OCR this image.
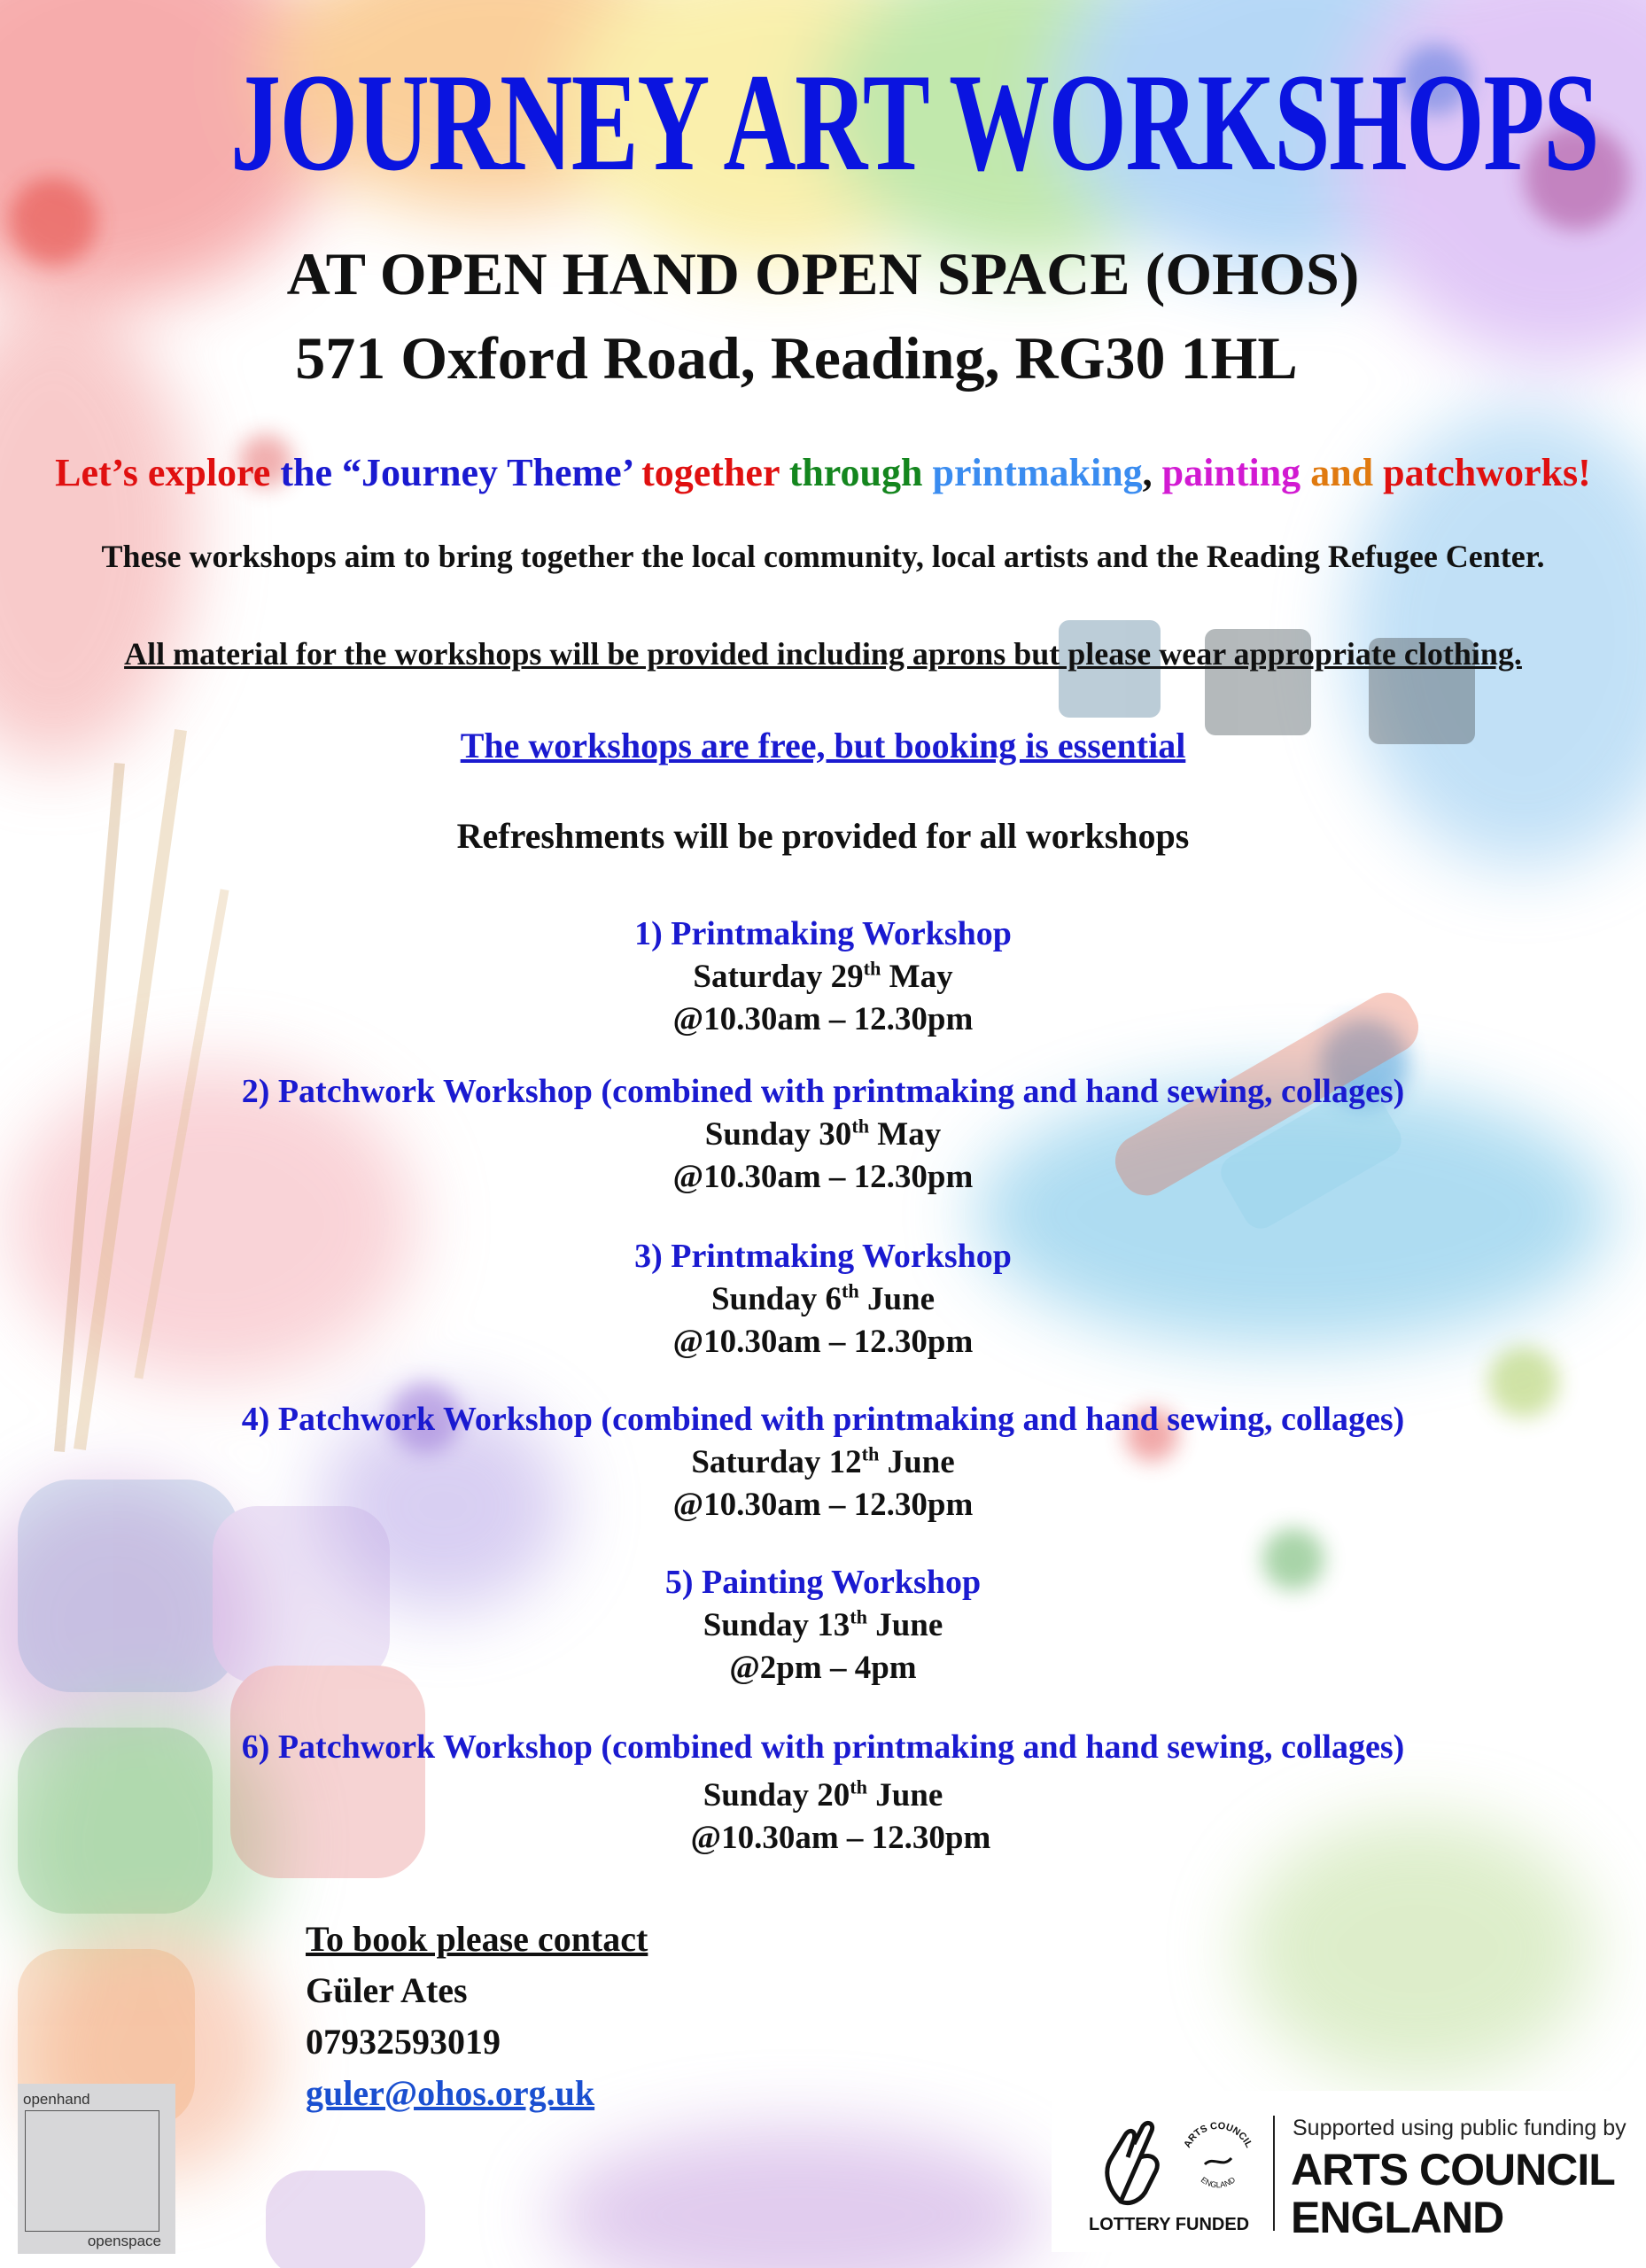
JOURNEY ART WORKSHOPS
AT OPEN HAND OPEN SPACE (OHOS)
571 Oxford Road, Reading, RG30 1HL
Let’s explore the “Journey Theme’ together through printmaking, painting and patchworks!
These workshops aim to bring together the local community, local artists and the Reading Refugee Center.
All material for the workshops will be provided including aprons but please wear appropriate clothing.
The workshops are free, but booking is essential
Refreshments will be provided for all workshops
1) Printmaking Workshop
Saturday 29th May
@10.30am – 12.30pm
2) Patchwork Workshop (combined with printmaking and hand sewing, collages)
Sunday 30th May
@10.30am – 12.30pm
3) Printmaking Workshop
Sunday 6th June
@10.30am – 12.30pm
4) Patchwork Workshop (combined with printmaking and hand sewing, collages)
Saturday 12th June
@10.30am – 12.30pm
5) Painting Workshop
Sunday 13th June
@2pm – 4pm
6) Patchwork Workshop (combined with printmaking and hand sewing, collages)
Sunday 20th June
@10.30am – 12.30pm
To book please contact
Güler Ates
07932593019
guler@ohos.org.uk
openhand
openspace
LOTTERY FUNDED
ARTS COUNCIL
ENGLAND
Supported using public funding by
ARTS COUNCIL
ENGLAND
